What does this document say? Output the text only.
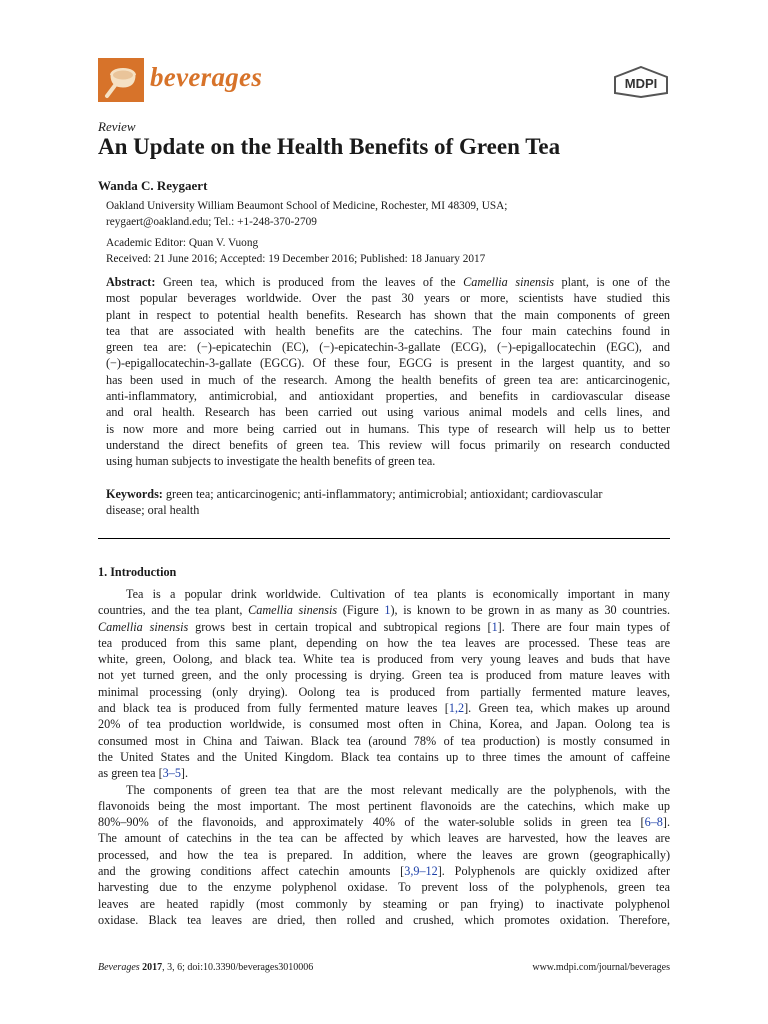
beverages	MDPI
Review
An Update on the Health Benefits of Green Tea
Wanda C. Reygaert
Oakland University William Beaumont School of Medicine, Rochester, MI 48309, USA;
reygaert@oakland.edu; Tel.: +1-248-370-2709
Academic Editor: Quan V. Vuong
Received: 21 June 2016; Accepted: 19 December 2016; Published: 18 January 2017
Abstract: Green tea, which is produced from the leaves of the Camellia sinensis plant, is one of the
most popular beverages worldwide. Over the past 30 years or more, scientists have studied this
plant in respect to potential health benefits. Research has shown that the main components of green
tea that are associated with health benefits are the catechins. The four main catechins found in
green tea are: (−)-epicatechin (EC), (−)-epicatechin-3-gallate (ECG), (−)-epigallocatechin (EGC), and
(−)-epigallocatechin-3-gallate (EGCG). Of these four, EGCG is present in the largest quantity, and so
has been used in much of the research. Among the health benefits of green tea are: anticarcinogenic,
anti-inflammatory, antimicrobial, and antioxidant properties, and benefits in cardiovascular disease
and oral health. Research has been carried out using various animal models and cells lines, and
is now more and more being carried out in humans. This type of research will help us to better
understand the direct benefits of green tea. This review will focus primarily on research conducted
using human subjects to investigate the health benefits of green tea.
Keywords: green tea; anticarcinogenic; anti-inflammatory; antimicrobial; antioxidant; cardiovascular
disease; oral health
1. Introduction
Tea is a popular drink worldwide. Cultivation of tea plants is economically important in many
countries, and the tea plant, Camellia sinensis (Figure 1), is known to be grown in as many as 30 countries.
Camellia sinensis grows best in certain tropical and subtropical regions [1]. There are four main types of
tea produced from this same plant, depending on how the tea leaves are processed. These teas are
white, green, Oolong, and black tea. White tea is produced from very young leaves and buds that have
not yet turned green, and the only processing is drying. Green tea is produced from mature leaves with
minimal processing (only drying). Oolong tea is produced from partially fermented mature leaves,
and black tea is produced from fully fermented mature leaves [1,2]. Green tea, which makes up around
20% of tea production worldwide, is consumed most often in China, Korea, and Japan. Oolong tea is
consumed most in China and Taiwan. Black tea (around 78% of tea production) is mostly consumed in
the United States and the United Kingdom. Black tea contains up to three times the amount of caffeine
as green tea [3–5].
The components of green tea that are the most relevant medically are the polyphenols, with the
flavonoids being the most important. The most pertinent flavonoids are the catechins, which make up
80%–90% of the flavonoids, and approximately 40% of the water-soluble solids in green tea [6–8].
The amount of catechins in the tea can be affected by which leaves are harvested, how the leaves are
processed, and how the tea is prepared. In addition, where the leaves are grown (geographically)
and the growing conditions affect catechin amounts [3,9–12]. Polyphenols are quickly oxidized after
harvesting due to the enzyme polyphenol oxidase. To prevent loss of the polyphenols, green tea
leaves are heated rapidly (most commonly by steaming or pan frying) to inactivate polyphenol
oxidase. Black tea leaves are dried, then rolled and crushed, which promotes oxidation. Therefore,
Beverages 2017, 3, 6; doi:10.3390/beverages3010006	www.mdpi.com/journal/beverages
